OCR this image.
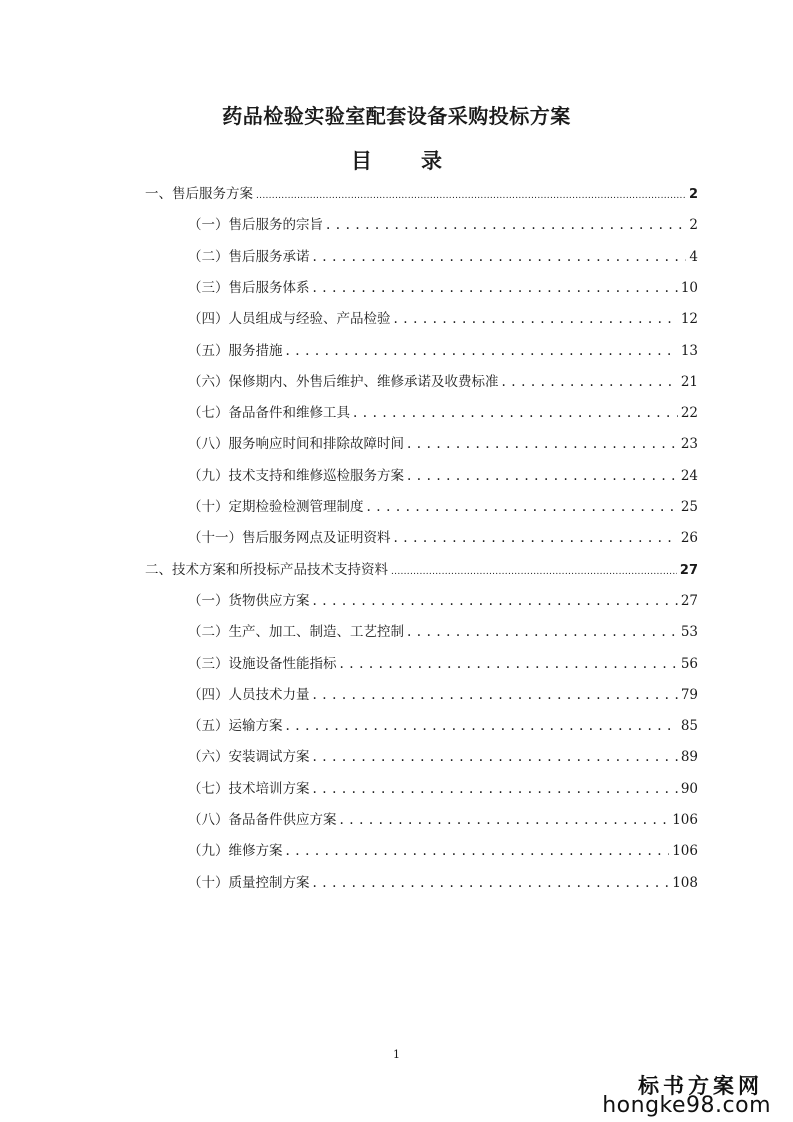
药品检验实验室配套设备采购投标方案
目　录
一、售后服务方案 .....	2
（一）售后服务的宗旨 . . .	2
（二）售后服务承诺 . . .	4
（三）售后服务体系 . . .	10
（四）人员组成与经验、产品检验 . . .	12
（五）服务措施 . . .	13
（六）保修期内、外售后维护、维修承诺及收费标准 . . .	21
（七）备品备件和维修工具 . . .	22
（八）服务响应时间和排除故障时间 . . .	23
（九）技术支持和维修巡检服务方案 . . .	24
（十）定期检验检测管理制度 . . .	25
（十一）售后服务网点及证明资料 . . .	26
二、技术方案和所投标产品技术支持资料 .....	27
（一）货物供应方案 . . .	27
（二）生产、加工、制造、工艺控制 . . .	53
（三）设施设备性能指标 . . .	56
（四）人员技术力量 . . .	79
（五）运输方案 . . .	85
（六）安装调试方案 . . .	89
（七）技术培训方案 . . .	90
（八）备品备件供应方案 . . .	106
（九）维修方案 . . .	106
（十）质量控制方案 . . .	108
1
标书方案网
hongke98.com
